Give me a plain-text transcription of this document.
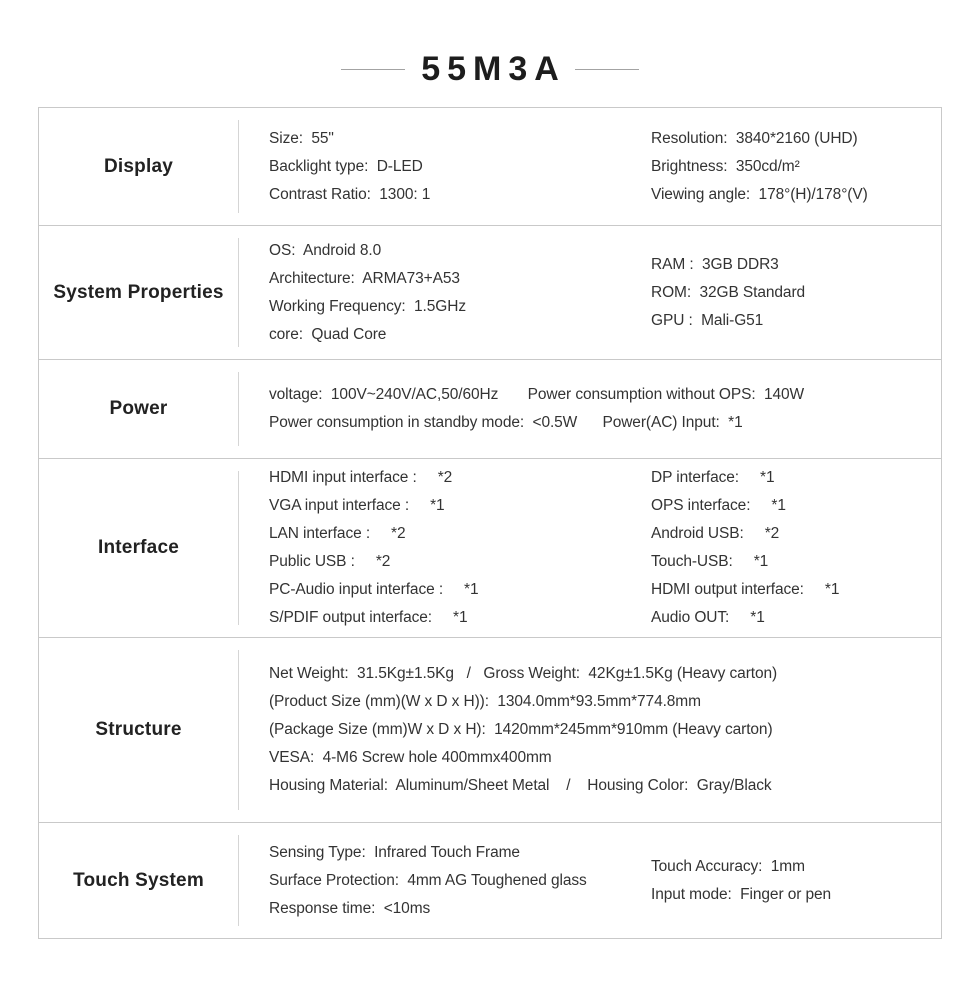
55M3A
Display
Size:  55"
Backlight type:  D-LED
Contrast Ratio:  1300: 1
Resolution:  3840*2160 (UHD)
Brightness:  350cd/m²
Viewing angle:  178°(H)/178°(V)
System Properties
OS:  Android 8.0
Architecture:  ARMA73+A53
Working Frequency:  1.5GHz
core:  Quad Core
RAM :  3GB DDR3
ROM:  32GB Standard
GPU :  Mali-G51
Power
voltage:  100V~240V/AC,50/60Hz       Power consumption without OPS:  140W
Power consumption in standby mode:  <0.5W      Power(AC) Input:  *1
Interface
HDMI input interface :     *2
VGA input interface :     *1
LAN interface :     *2
Public USB :     *2
PC-Audio input interface :     *1
S/PDIF output interface:     *1
DP interface:     *1
OPS interface:     *1
Android USB:     *2
Touch-USB:     *1
HDMI output interface:     *1
Audio OUT:     *1
Structure
Net Weight:  31.5Kg±1.5Kg   /   Gross Weight:  42Kg±1.5Kg (Heavy carton)
(Product Size (mm)(W x D x H)):  1304.0mm*93.5mm*774.8mm
(Package Size (mm)W x D x H):  1420mm*245mm*910mm (Heavy carton)
VESA:  4-M6 Screw hole 400mmx400mm
Housing Material:  Aluminum/Sheet Metal    /    Housing Color:  Gray/Black
Touch System
Sensing Type:  Infrared Touch Frame
Surface Protection:  4mm AG Toughened glass
Response time:  <10ms
Touch Accuracy:  1mm
Input mode:  Finger or pen
